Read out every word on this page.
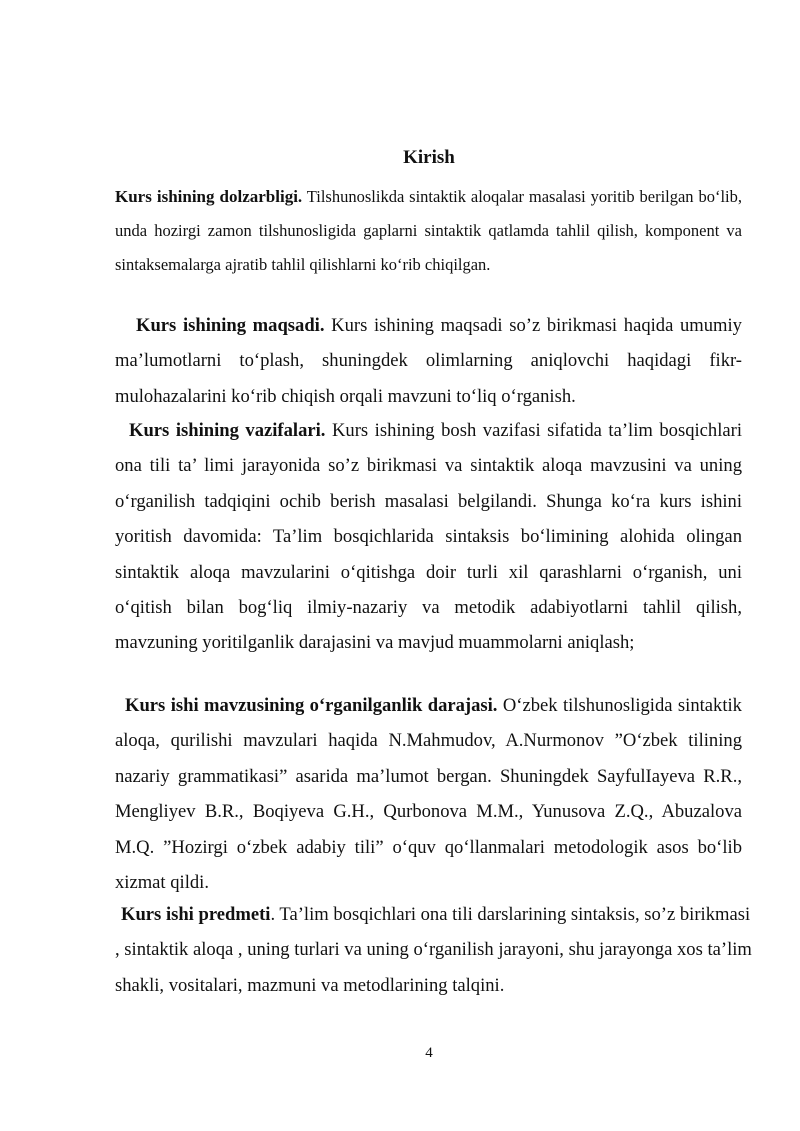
Kirish

Kurs ishining dolzarbligi. Tilshunoslikda sintaktik aloqalar masalasi yoritib berilgan bo‘lib, unda hozirgi zamon tilshunosligida gaplarni sintaktik qatlamda tahlil qilish, komponent va sintaksemalarga ajratib tahlil qilishlarni ko‘rib chiqilgan.

Kurs ishining maqsadi. Kurs ishining maqsadi so’z birikmasi haqida umumiy ma’lumotlarni to‘plash, shuningdek olimlarning aniqlovchi haqidagi fikr-mulohazalarini ko‘rib chiqish orqali mavzuni to‘liq o‘rganish.

Kurs ishining vazifalari. Kurs ishining bosh vazifasi sifatida ta’lim bosqichlari ona tili ta’ limi jarayonida so’z birikmasi va sintaktik aloqa mavzusini va uning o‘rganilish tadqiqini ochib berish masalasi belgilandi. Shunga ko‘ra kurs ishini yoritish davomida: Ta’lim bosqichlarida sintaksis bo‘limining alohida olingan sintaktik aloqa mavzularini o‘qitishga doir turli xil qarashlarni o‘rganish, uni o‘qitish bilan bog‘liq ilmiy-nazariy va metodik adabiyotlarni tahlil qilish, mavzuning yoritilganlik darajasini va mavjud muammolarni aniqlash;

Kurs ishi mavzusining o‘rganilganlik darajasi. O‘zbek tilshunosligida sintaktik aloqa, qurilishi mavzulari haqida N.Mahmudov, A.Nurmonov ”O‘zbek tilining nazariy grammatikasi” asarida ma’lumot bergan. Shuningdek SayfulIayeva R.R., Mengliyev B.R., Boqiyeva G.H., Qurbonova M.M., Yunusova Z.Q., Abuzalova M.Q. ”Hozirgi o‘zbek adabiy tili” o‘quv qo‘llanmalari metodologik asos bo‘lib xizmat qildi.

Kurs ishi predmeti. Ta’lim bosqichlari ona tili darslarining sintaksis, so’z birikmasi , sintaktik aloqa , uning turlari va uning o‘rganilish jarayoni, shu jarayonga xos ta’lim shakli, vositalari, mazmuni va metodlarining talqini.

4
